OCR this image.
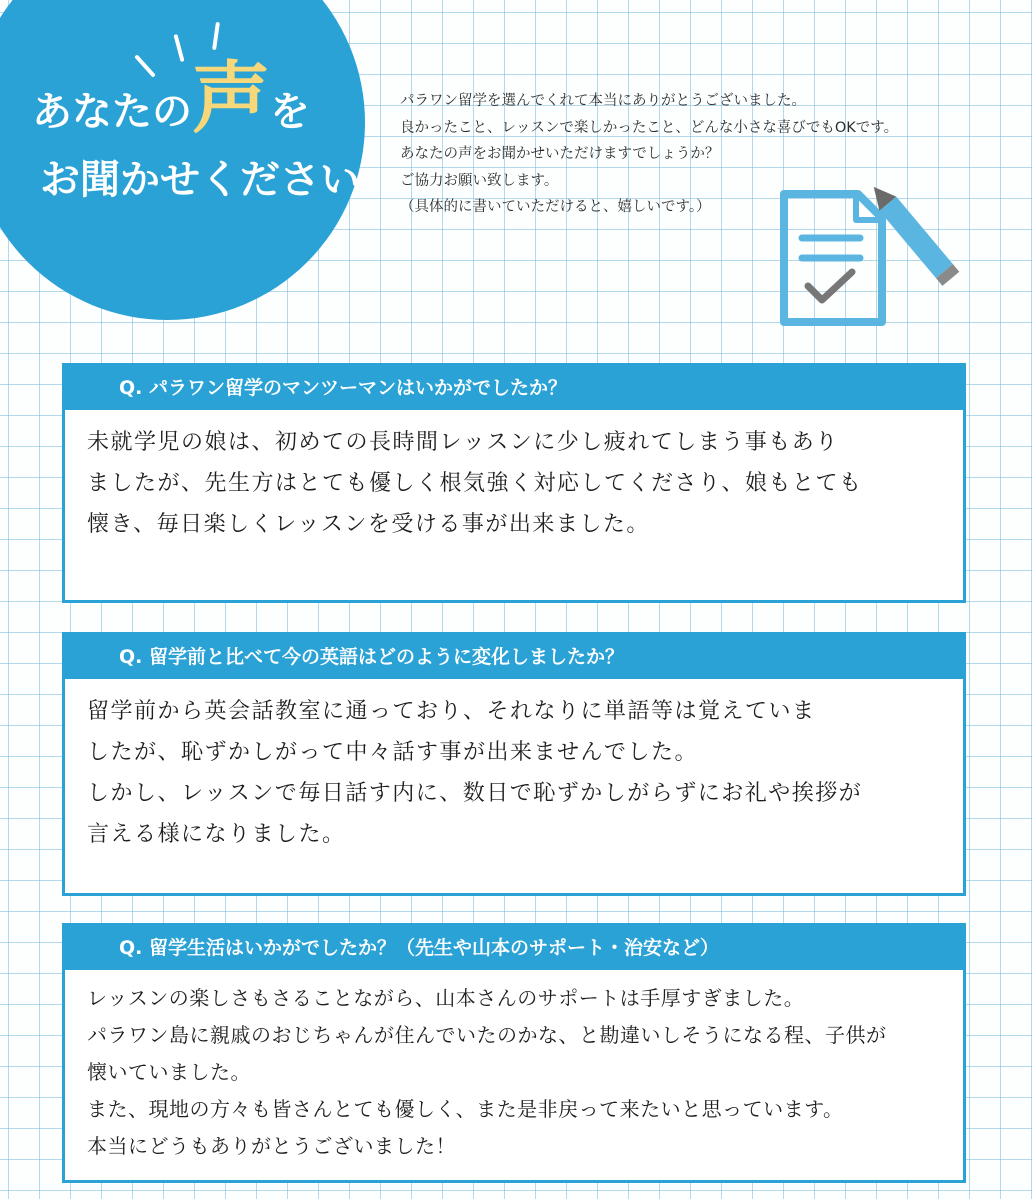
あなたの声を
お聞かせください
パラワン留学を選んでくれて本当にありがとうございました。
良かったこと、レッスンで楽しかったこと、どんな小さな喜びでもOKです。
あなたの声をお聞かせいただけますでしょうか？
ご協力お願い致します。
（具体的に書いていただけると、嬉しいです。）
Q. パラワン留学のマンツーマンはいかがでしたか？
未就学児の娘は、初めての長時間レッスンに少し疲れてしまう事もあり
ましたが、先生方はとても優しく根気強く対応してくださり、娘もとても
懐き、毎日楽しくレッスンを受ける事が出来ました。
Q. 留学前と比べて今の英語はどのように変化しましたか？
留学前から英会話教室に通っており、それなりに単語等は覚えていま
したが、恥ずかしがって中々話す事が出来ませんでした。
しかし、レッスンで毎日話す内に、数日で恥ずかしがらずにお礼や挨拶が
言える様になりました。
Q. 留学生活はいかがでしたか？（先生や山本のサポート・治安など）
レッスンの楽しさもさることながら、山本さんのサポートは手厚すぎました。
パラワン島に親戚のおじちゃんが住んでいたのかな、と勘違いしそうになる程、子供が
懐いていました。
また、現地の方々も皆さんとても優しく、また是非戻って来たいと思っています。
本当にどうもありがとうございました！
